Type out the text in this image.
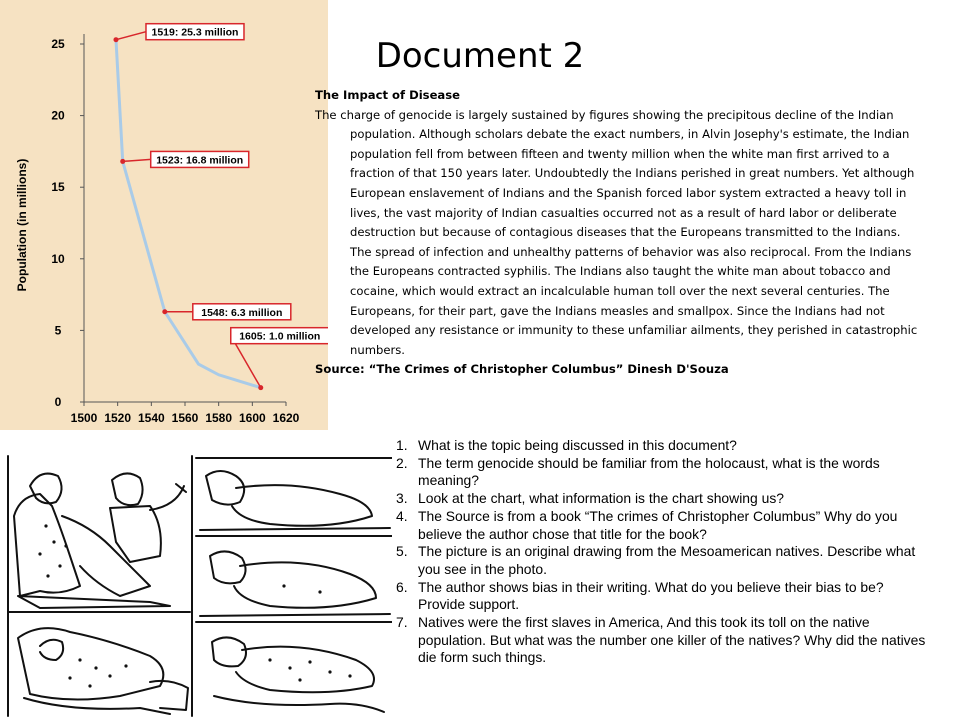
Population (in millions)
0
5
10
15
20
25
1500 1520 1540 1560 1580 1600 1620
1519: 25.3 million
1523: 16.8 million
1548: 6.3 million
1605: 1.0 million
Document 2

The Impact of Disease

The charge of genocide is largely sustained by figures showing the precipitous decline of the Indian population. Although scholars debate the exact numbers, in Alvin Josephy's estimate, the Indian population fell from between fifteen and twenty million when the white man first arrived to a fraction of that 150 years later. Undoubtedly the Indians perished in great numbers. Yet although European enslavement of Indians and the Spanish forced labor system extracted a heavy toll in lives, the vast majority of Indian casualties occurred not as a result of hard labor or deliberate destruction but because of contagious diseases that the Europeans transmitted to the Indians. The spread of infection and unhealthy patterns of behavior was also reciprocal. From the Indians the Europeans contracted syphilis. The Indians also taught the white man about tobacco and cocaine, which would extract an incalculable human toll over the next several centuries. The Europeans, for their part, gave the Indians measles and smallpox. Since the Indians had not developed any resistance or immunity to these unfamiliar ailments, they perished in catastrophic numbers.

Source: “The Crimes of Christopher Columbus” Dinesh D'Souza

1. What is the topic being discussed in this document?
2. The term genocide should be familiar from the holocaust, what is the words meaning?
3. Look at the chart, what information is the chart showing us?
4. The Source is from a book “The crimes of Christopher Columbus” Why do you believe the author chose that title for the book?
5. The picture is an original drawing from the Mesoamerican natives. Describe what you see in the photo.
6. The author shows bias in their writing. What do you believe their bias to be? Provide support.
7. Natives were the first slaves in America, And this took its toll on the native population. But what was the number one killer of the natives? Why did the natives die form such things.
